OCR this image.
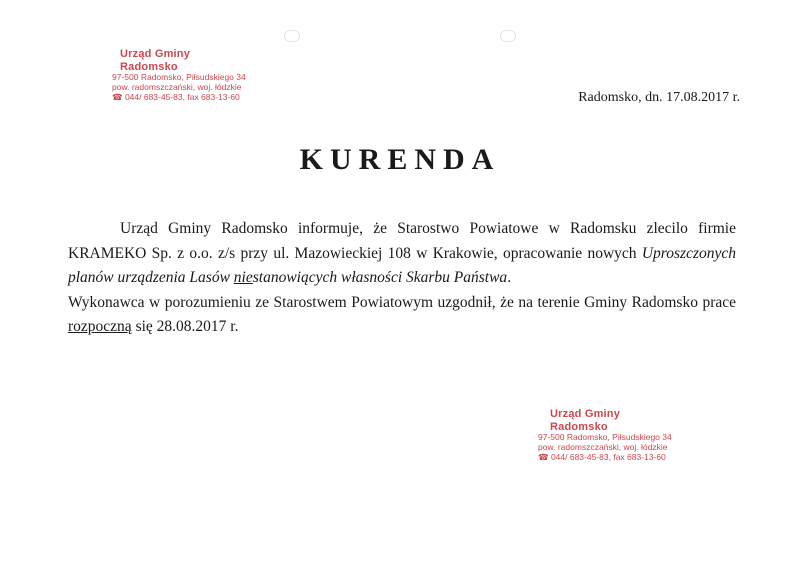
Urząd Gminy Radomsko
97-500 Radomsko, Piłsudskiego 34
pow. radomszczański, woj. łódzkie
☎ 044/ 683-45-83, fax 683-13-60	Radomsko, dn. 17.08.2017 r.
KURENDA

Urząd Gminy Radomsko informuje, że Starostwo Powiatowe w Radomsku zlecilo firmie KRAMEKO Sp. z o.o. z/s przy ul. Mazowieckiej 108 w Krakowie, opracowanie nowych Uproszczonych planów urządzenia Lasów niestanowiących własności Skarbu Państwa.

Wykonawca w porozumieniu ze Starostwem Powiatowym uzgodnił, że na terenie Gminy Radomsko prace rozpoczną się 28.08.2017 r.

Urząd Gminy Radomsko
97-500 Radomsko, Piłsudskiego 34
pow. radomszczański, woj. łódzkie
☎ 044/ 683-45-83, fax 683-13-60
